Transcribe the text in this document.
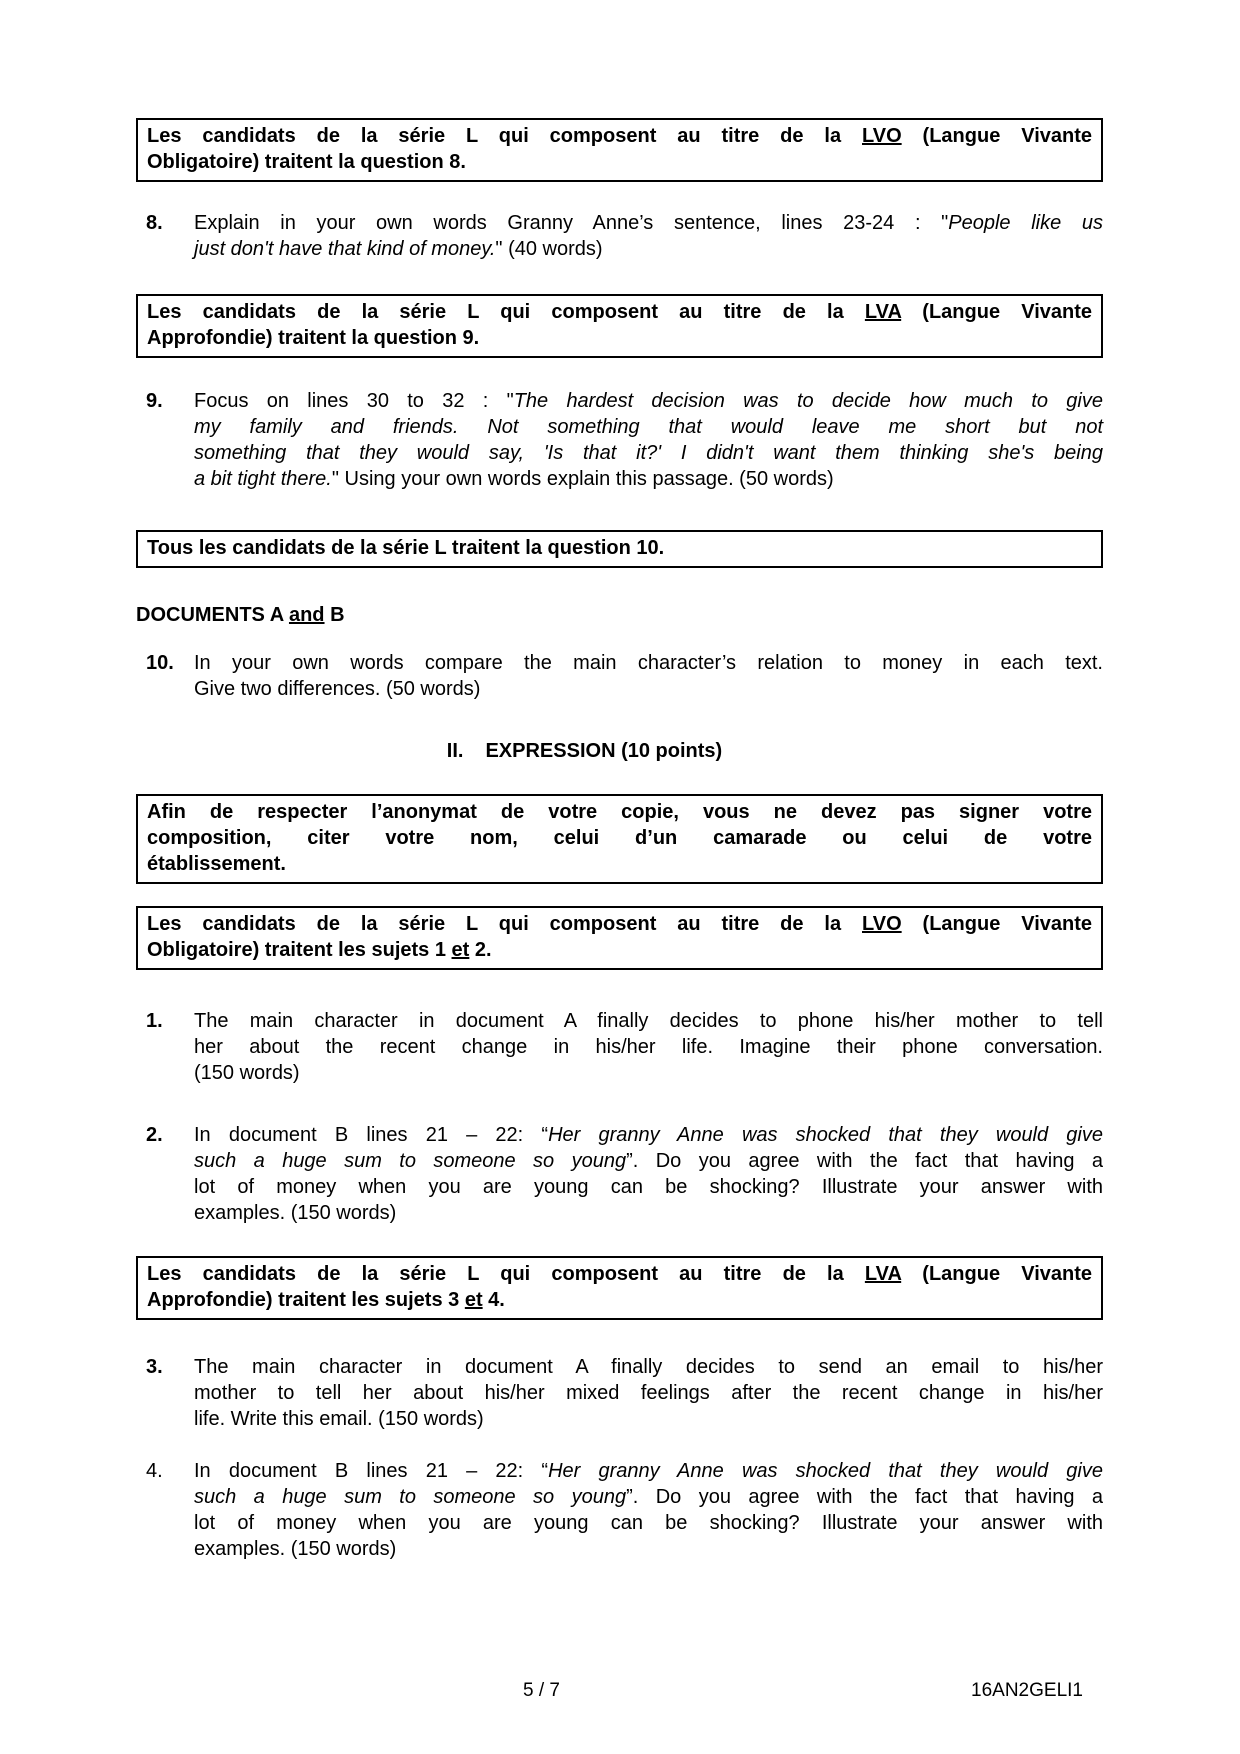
Les candidats de la série L qui composent au titre de la LVO (Langue Vivante
Obligatoire) traitent la question 8.
8. Explain in your own words Granny Anne’s sentence, lines 23-24 : "People like us
just don't have that kind of money." (40 words)
Les candidats de la série L qui composent au titre de la LVA (Langue Vivante
Approfondie) traitent la question 9.
9. Focus on lines 30 to 32 : "The hardest decision was to decide how much to give
my family and friends. Not something that would leave me short but not
something that they would say, 'Is that it?' I didn't want them thinking she's being
a bit tight there." Using your own words explain this passage. (50 words)
Tous les candidats de la série L traitent la question 10.
DOCUMENTS A and B
10. In your own words compare the main character’s relation to money in each text.
Give two differences. (50 words)
II. EXPRESSION (10 points)
Afin de respecter l’anonymat de votre copie, vous ne devez pas signer votre
composition, citer votre nom, celui d’un camarade ou celui de votre
établissement.
Les candidats de la série L qui composent au titre de la LVO (Langue Vivante
Obligatoire) traitent les sujets 1 et 2.
1. The main character in document A finally decides to phone his/her mother to tell
her about the recent change in his/her life. Imagine their phone conversation.
(150 words)
2. In document B lines 21 – 22: “Her granny Anne was shocked that they would give
such a huge sum to someone so young”. Do you agree with the fact that having a
lot of money when you are young can be shocking? Illustrate your answer with
examples. (150 words)
Les candidats de la série L qui composent au titre de la LVA (Langue Vivante
Approfondie) traitent les sujets 3 et 4.
3. The main character in document A finally decides to send an email to his/her
mother to tell her about his/her mixed feelings after the recent change in his/her
life. Write this email. (150 words)
4. In document B lines 21 – 22: “Her granny Anne was shocked that they would give
such a huge sum to someone so young”. Do you agree with the fact that having a
lot of money when you are young can be shocking? Illustrate your answer with
examples. (150 words)
5 / 7	16AN2GELI1
